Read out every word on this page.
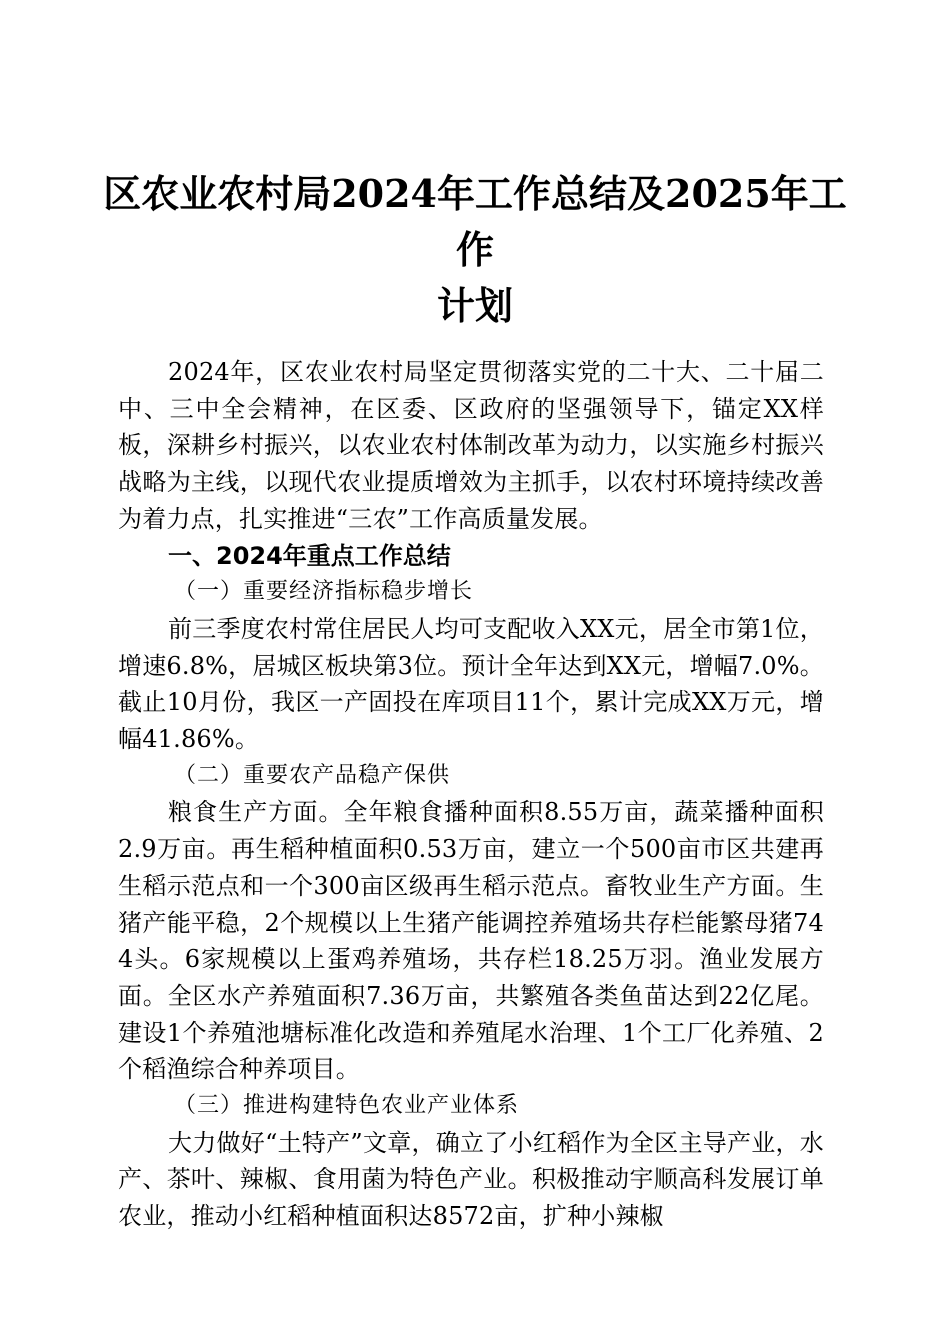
区农业农村局2024年工作总结及2025年工作
计划

2024年，区农业农村局坚定贯彻落实党的二十大、二十届二中、三中全会精神，在区委、区政府的坚强领导下，锚定XX样板，深耕乡村振兴，以农业农村体制改革为动力，以实施乡村振兴战略为主线，以现代农业提质增效为主抓手，以农村环境持续改善为着力点，扎实推进“三农”工作高质量发展。

一、2024年重点工作总结

（一）重要经济指标稳步增长

前三季度农村常住居民人均可支配收入XX元，居全市第1位，增速6.8%，居城区板块第3位。预计全年达到XX元，增幅7.0%。截止10月份，我区一产固投在库项目11个，累计完成XX万元，增幅41.86%。

（二）重要农产品稳产保供

粮食生产方面。全年粮食播种面积8.55万亩，蔬菜播种面积2.9万亩。再生稻种植面积0.53万亩，建立一个500亩市区共建再生稻示范点和一个300亩区级再生稻示范点。畜牧业生产方面。生猪产能平稳，2个规模以上生猪产能调控养殖场共存栏能繁母猪744头。6家规模以上蛋鸡养殖场，共存栏18.25万羽。渔业发展方面。全区水产养殖面积7.36万亩，共繁殖各类鱼苗达到22亿尾。建设1个养殖池塘标准化改造和养殖尾水治理、1个工厂化养殖、2个稻渔综合种养项目。

（三）推进构建特色农业产业体系

大力做好“土特产”文章，确立了小红稻作为全区主导产业，水产、茶叶、辣椒、食用菌为特色产业。积极推动宇顺高科发展订单农业，推动小红稻种植面积达8572亩，扩种小辣椒
